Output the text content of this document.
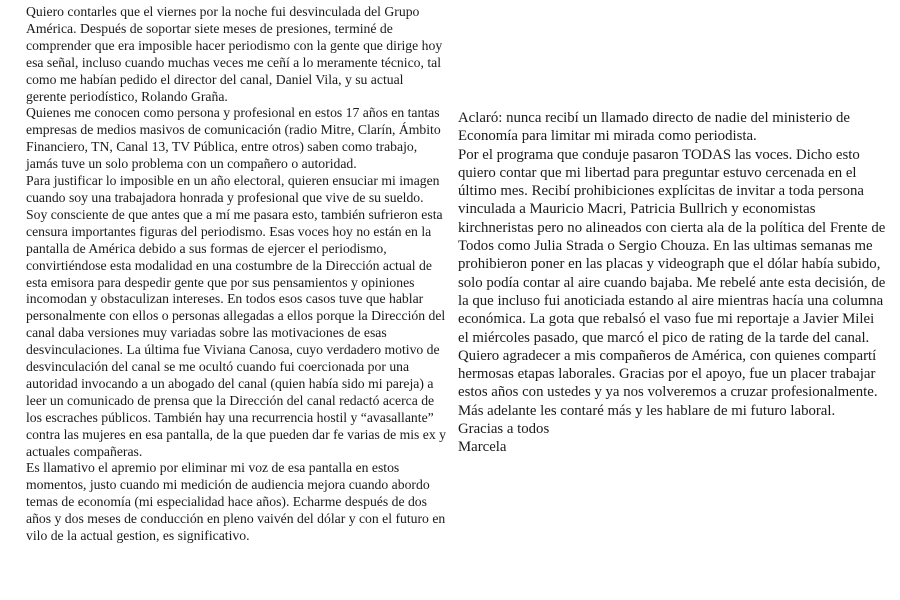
Quiero contarles que el viernes por la noche fui desvinculada del Grupo América. Después de soportar siete meses de presiones, terminé de comprender que era imposible hacer periodismo con la gente que dirige hoy esa señal, incluso cuando muchas veces me ceñí a lo meramente técnico, tal como me habían pedido el director del canal, Daniel Vila, y su actual gerente periodístico, Rolando Graña.

Quienes me conocen como persona y profesional en estos 17 años en tantas empresas de medios masivos de comunicación (radio Mitre, Clarín, Ámbito Financiero, TN, Canal 13, TV Pública, entre otros) saben como trabajo, jamás tuve un solo problema con un compañero o autoridad.

Para justificar lo imposible en un año electoral, quieren ensuciar mi imagen cuando soy una trabajadora honrada y profesional que vive de su sueldo. Soy consciente de que antes que a mí me pasara esto, también sufrieron esta censura importantes figuras del periodismo. Esas voces hoy no están en la pantalla de América debido a sus formas de ejercer el periodismo, convirtiéndose esta modalidad en una costumbre de la Dirección actual de esta emisora para despedir gente que por sus pensamientos y opiniones incomodan y obstaculizan intereses. En todos esos casos tuve que hablar personalmente con ellos o personas allegadas a ellos porque la Dirección del canal daba versiones muy variadas sobre las motivaciones de esas desvinculaciones. La última fue Viviana Canosa, cuyo verdadero motivo de desvinculación del canal se me ocultó cuando fui coercionada por una autoridad invocando a un abogado del canal (quien había sido mi pareja) a leer un comunicado de prensa que la Dirección del canal redactó acerca de los escraches públicos. También hay una recurrencia hostil y “avasallante” contra las mujeres en esa pantalla, de la que pueden dar fe varias de mis ex y actuales compañeras.

Es llamativo el apremio por eliminar mi voz de esa pantalla en estos momentos, justo cuando mi medición de audiencia mejora cuando abordo temas de economía (mi especialidad hace años). Echarme después de dos años y dos meses de conducción en pleno vaivén del dólar y con el futuro en vilo de la actual gestion, es significativo.

Aclaró: nunca recibí un llamado directo de nadie del ministerio de Economía para limitar mi mirada como periodista.

Por el programa que conduje pasaron TODAS las voces. Dicho esto quiero contar que mi libertad para preguntar estuvo cercenada en el último mes. Recibí prohibiciones explícitas de invitar a toda persona vinculada a Mauricio Macri, Patricia Bullrich y economistas kirchneristas pero no alineados con cierta ala de la política del Frente de Todos como Julia Strada o Sergio Chouza. En las ultimas semanas me prohibieron poner en las placas y videograph que el dólar había subido, solo podía contar al aire cuando bajaba. Me rebelé ante esta decisión, de la que incluso fui anoticiada estando al aire mientras hacía una columna económica. La gota que rebalsó el vaso fue mi reportaje a Javier Milei el miércoles pasado, que marcó el pico de rating de la tarde del canal.

Quiero agradecer a mis compañeros de América, con quienes compartí hermosas etapas laborales. Gracias por el apoyo, fue un placer trabajar estos años con ustedes y ya nos volveremos a cruzar profesionalmente.

Más adelante les contaré más y les hablare de mi futuro laboral.

Gracias a todos

Marcela
